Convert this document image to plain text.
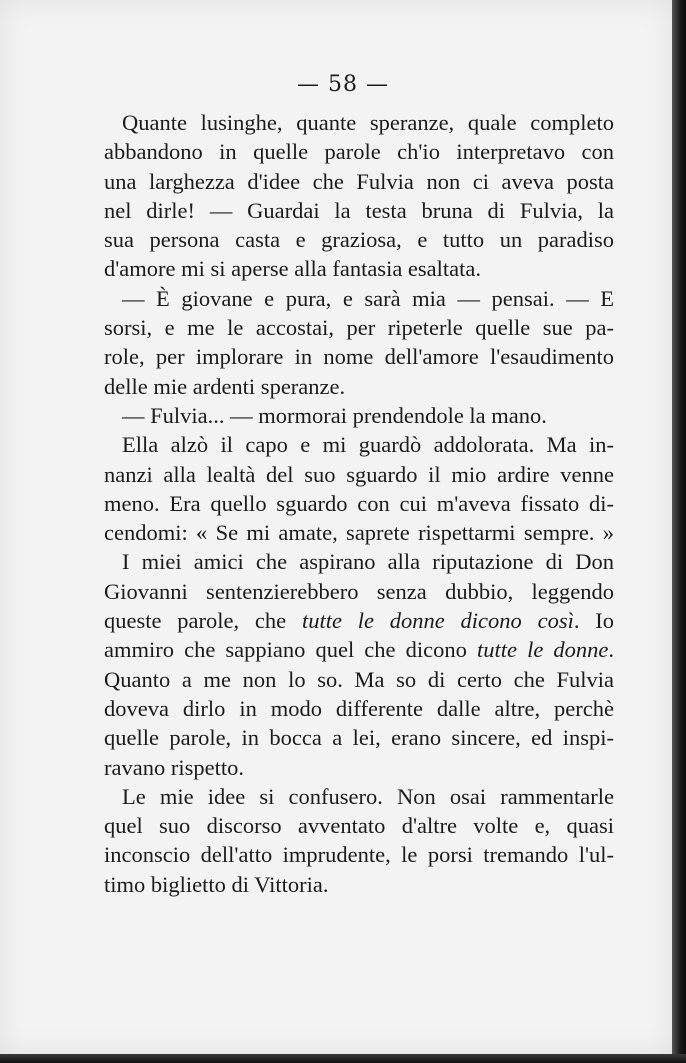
— 58 —
Quante lusinghe, quante speranze, quale completo
abbandono in quelle parole ch'io interpretavo con
una larghezza d'idee che Fulvia non ci aveva posta
nel dirle! — Guardai la testa bruna di Fulvia, la
sua persona casta e graziosa, e tutto un paradiso
d'amore mi si aperse alla fantasia esaltata.
— È giovane e pura, e sarà mia — pensai. — E
sorsi, e me le accostai, per ripeterle quelle sue pa-
role, per implorare in nome dell'amore l'esaudimento
delle mie ardenti speranze.
— Fulvia... — mormorai prendendole la mano.
Ella alzò il capo e mi guardò addolorata. Ma in-
nanzi alla lealtà del suo sguardo il mio ardire venne
meno. Era quello sguardo con cui m'aveva fissato di-
cendomi: « Se mi amate, saprete rispettarmi sempre. »
I miei amici che aspirano alla riputazione di Don
Giovanni sentenzierebbero senza dubbio, leggendo
queste parole, che tutte le donne dicono così. Io
ammiro che sappiano quel che dicono tutte le donne.
Quanto a me non lo so. Ma so di certo che Fulvia
doveva dirlo in modo differente dalle altre, perchè
quelle parole, in bocca a lei, erano sincere, ed inspi-
ravano rispetto.
Le mie idee si confusero. Non osai rammentarle
quel suo discorso avventato d'altre volte e, quasi
inconscio dell'atto imprudente, le porsi tremando l'ul-
timo biglietto di Vittoria.
